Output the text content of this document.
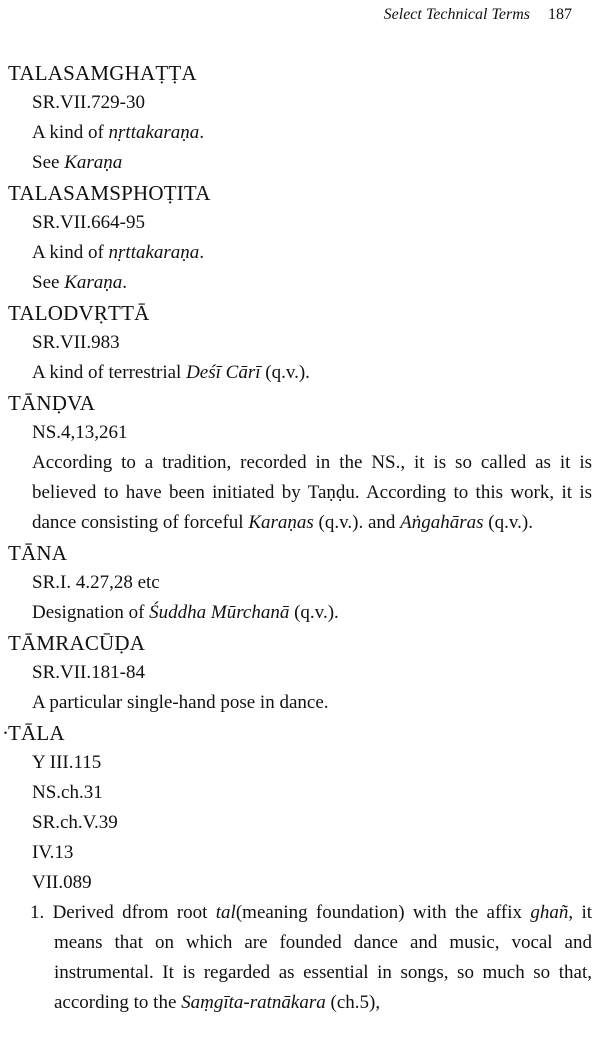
Select Technical Terms 187
TALASAMGHAṬṬA
SR.VII.729-30
A kind of nṛttakaraṇa.
See Karaṇa
TALASAMSPHOṬITA
SR.VII.664-95
A kind of nṛttakaraṇa.
See Karaṇa.
TALODVṚTTĀ
SR.VII.983
A kind of terrestrial Deśī Cārī (q.v.).
TĀNḌVA
NS.4,13,261
According to a tradition, recorded in the NS., it is so called as it is believed to have been initiated by Taṇḍu. According to this work, it is dance consisting of forceful Karaṇas (q.v.). and Aṅgahāras (q.v.).
TĀNA
SR.I. 4.27,28 etc
Designation of Śuddha Mūrchanā (q.v.).
TĀMRACŪḌA
SR.VII.181-84
A particular single-hand pose in dance.
· TĀLA
Y III.115
NS.ch.31
SR.ch.V.39
IV.13
VII.089
1. Derived dfrom root tal(meaning foundation) with the affix ghañ, it means that on which are founded dance and music, vocal and instrumental. It is regarded as essential in songs, so much so that, according to the Saṃgīta-ratnākara (ch.5),
